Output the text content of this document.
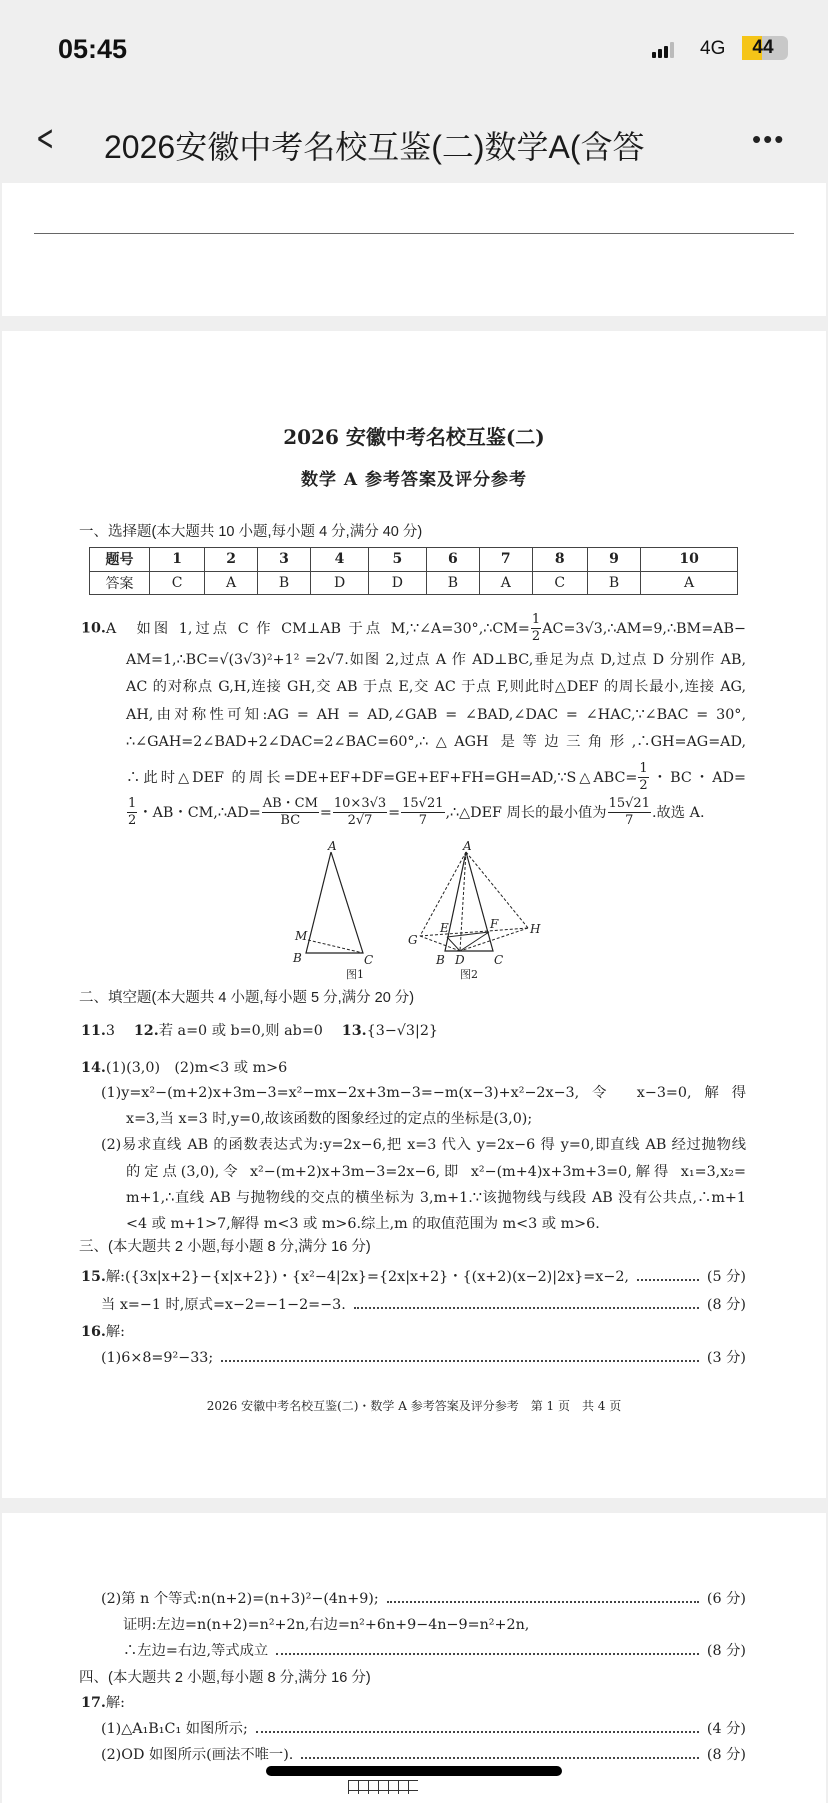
05:45	4G	44
< 2026安徽中考名校互鉴(二)数学A(含答	•••
2026 安徽中考名校互鉴(二)
数学 A 参考答案及评分参考
一、选择题(本大题共 10 小题,每小题 4 分,满分 40 分)
题号	1	2	3	4	5	6	7	8	9	10
答案	C	A	B	D	D	B	A	C	B	A
10.A　如图 1,过点 C 作 CM⊥AB 于点 M,∵∠A=30°,∴CM= $\frac{1}{2}$ AC=3√3,∴AM=9,∴BM=AB−
AM=1,∴BC=√(3√3)²+1² =2√7.如图 2,过点 A 作 AD⊥BC,垂足为点 D,过点 D 分别作 AB,
AC 的对称点 G,H,连接 GH,交 AB 于点 E,交 AC 于点 F,则此时△DEF 的周长最小,连接 AG,
AH,由对称性可知:AG = AH = AD,∠GAB = ∠BAD,∠DAC = ∠HAC,∵∠BAC = 30°,
∴∠GAH=2∠BAD+2∠DAC=2∠BAC=60°,∴△AGH 是等边三角形,∴GH=AG=AD,
∴此时△DEF 的周长=DE+EF+DF=GE+EF+FH=GH=AD,∵S△ABC= $\frac{1}{2}$ ・BC・AD=
$\frac{1}{2}$ ・AB・CM,∴AD= $\frac{AB・CM}{BC} = \frac{10\times 3√3}{2√7} = \frac{15√21}{7}$ ,∴△DEF 周长的最小值为 $\frac{15√21}{7}$ .故选 A.
A
M
B	C
图1
A
E	F
G
H
B D C
图2
二、填空题(本大题共 4 小题,每小题 5 分,满分 20 分)
11.3　 12.若 a=0 或 b=0,则 ab=0　 13.{3−√3|2}
14.(1)(3,0)　(2)m<3 或 m>6
(1)y=x²−(m+2)x+3m−3=x²−mx−2x+3m−3=−m(x−3)+x²−2x−3,令 x−3=0,解得
x=3,当 x=3 时,y=0,故该函数的图象经过的定点的坐标是(3,0);
(2)易求直线 AB 的函数表达式为:y=2x−6,把 x=3 代入 y=2x−6 得 y=0,即直线 AB 经过抛物线
的定点(3,0),令 x²−(m+2)x+3m−3=2x−6,即 x²−(m+4)x+3m+3=0,解得 x₁=3,x₂=
m+1,∴直线 AB 与抛物线的交点的横坐标为 3,m+1.∵该抛物线与线段 AB 没有公共点,∴m+1
<4 或 m+1>7,解得 m<3 或 m>6.综上,m 的取值范围为 m<3 或 m>6.
三、(本大题共 2 小题,每小题 8 分,满分 16 分)
15. 解:({3x|x+2}−{x|x+2})・{x²−4|2x}={2x|x+2}・{(x+2)(x−2)|2x}=x−2,	(5 分)
当 x=−1 时,原式=x−2=−1−2=−3.	(8 分)
16.解:
(1)6×8=9²−33;	(3 分)
2026 安徽中考名校互鉴(二)・数学 A 参考答案及评分参考　第 1 页　共 4 页
(2)第 n 个等式:n(n+2)=(n+3)²−(4n+9);	(6 分)
证明:左边=n(n+2)=n²+2n,右边=n²+6n+9−4n−9=n²+2n,
∴左边=右边,等式成立	(8 分)
四、(本大题共 2 小题,每小题 8 分,满分 16 分)
17.解:
(1)△A₁B₁C₁ 如图所示;	(4 分)
(2)OD 如图所示(画法不唯一).	(8 分)
